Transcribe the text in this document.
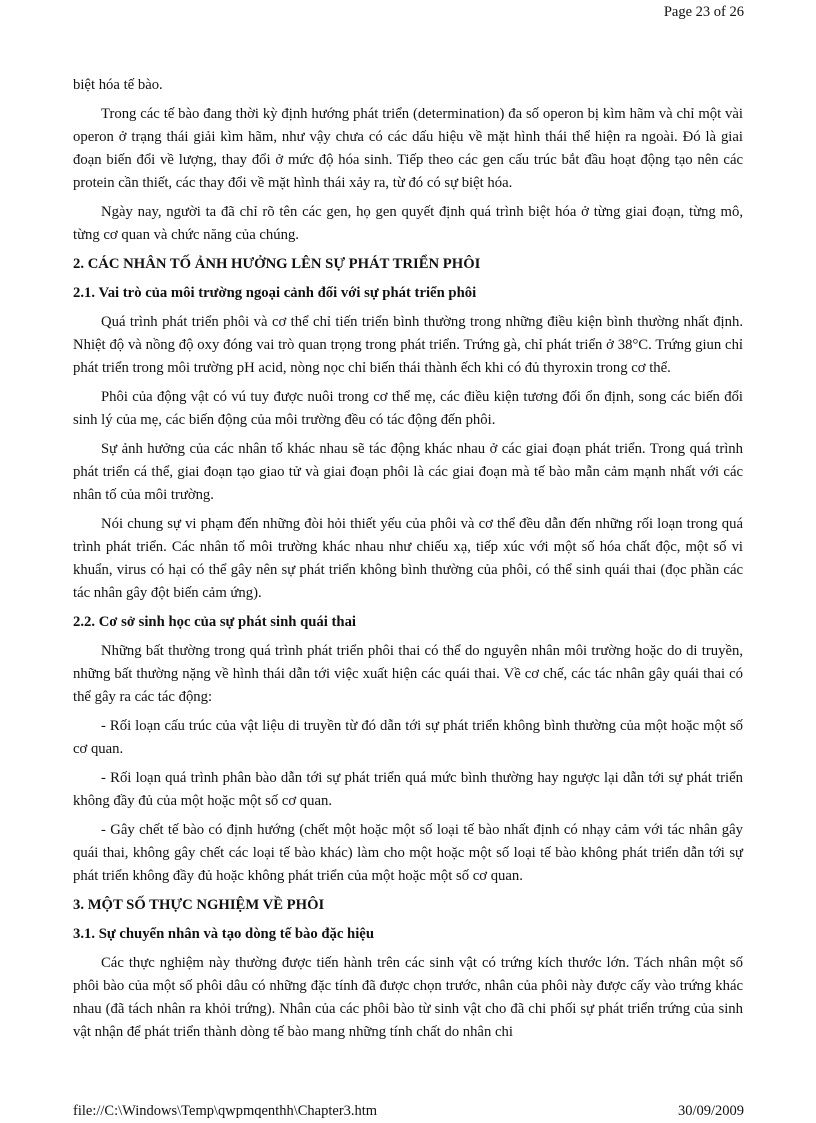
Page 23 of 26

biệt hóa tế bào.

Trong các tế bào đang thời kỳ định hướng phát triển (determination) đa số operon bị kìm hãm và chỉ một vài operon ở trạng thái giải kìm hãm, như vậy chưa có các dấu hiệu về mặt hình thái thể hiện ra ngoài. Đó là giai đoạn biến đổi về lượng, thay đổi ở mức độ hóa sinh. Tiếp theo các gen cấu trúc bắt đầu hoạt động tạo nên các protein cần thiết, các thay đổi về mặt hình thái xảy ra, từ đó có sự biệt hóa.

Ngày nay, người ta đã chỉ rõ tên các gen, họ gen quyết định quá trình biệt hóa ở từng giai đoạn, từng mô, từng cơ quan và chức năng của chúng.

2. CÁC NHÂN TỐ ẢNH HƯỞNG LÊN SỰ PHÁT TRIỂN PHÔI
2.1. Vai trò của môi trường ngoại cảnh đối với sự phát triển phôi

Quá trình phát triển phôi và cơ thể chỉ tiến triển bình thường trong những điều kiện bình thường nhất định. Nhiệt độ và nồng độ oxy đóng vai trò quan trọng trong phát triển. Trứng gà, chỉ phát triển ở 38°C. Trứng giun chỉ phát triển trong môi trường pH acid, nòng nọc chỉ biến thái thành ếch khi có đủ thyroxin trong cơ thể.

Phôi của động vật có vú tuy được nuôi trong cơ thể mẹ, các điều kiện tương đối ổn định, song các biến đổi sinh lý của mẹ, các biến động của môi trường đều có tác động đến phôi.

Sự ảnh hưởng của các nhân tố khác nhau sẽ tác động khác nhau ở các giai đoạn phát triển. Trong quá trình phát triển cá thể, giai đoạn tạo giao tử và giai đoạn phôi là các giai đoạn mà tế bào mẫn cảm mạnh nhất với các nhân tố của môi trường.

Nói chung sự vi phạm đến những đòi hỏi thiết yếu của phôi và cơ thể đều dẫn đến những rối loạn trong quá trình phát triển. Các nhân tố môi trường khác nhau như chiếu xạ, tiếp xúc với một số hóa chất độc, một số vi khuẩn, virus có hại có thể gây nên sự phát triển không bình thường của phôi, có thể sinh quái thai (đọc phần các tác nhân gây đột biến cảm ứng).

2.2. Cơ sở sinh học của sự phát sinh quái thai

Những bất thường trong quá trình phát triển phôi thai có thể do nguyên nhân môi trường hoặc do di truyền, những bất thường nặng về hình thái dẫn tới việc xuất hiện các quái thai. Về cơ chế, các tác nhân gây quái thai có thể gây ra các tác động:

- Rối loạn cấu trúc của vật liệu di truyền từ đó dẫn tới sự phát triển không bình thường của một hoặc một số cơ quan.

- Rối loạn quá trình phân bào dẫn tới sự phát triển quá mức bình thường hay ngược lại dẫn tới sự phát triển không đầy đủ của một hoặc một số cơ quan.

- Gây chết tế bào có định hướng (chết một hoặc một số loại tế bào nhất định có nhạy cảm với tác nhân gây quái thai, không gây chết các loại tế bào khác) làm cho một hoặc một số loại tế bào không phát triển dẫn tới sự phát triển không đầy đủ hoặc không phát triển của một hoặc một số cơ quan.

3. MỘT SỐ THỰC NGHIỆM VỀ PHÔI
3.1. Sự chuyển nhân và tạo dòng tế bào đặc hiệu

Các thực nghiệm này thường được tiến hành trên các sinh vật có trứng kích thước lớn. Tách nhân một số phôi bào của một số phôi dâu có những đặc tính đã được chọn trước, nhân của phôi này được cấy vào trứng khác nhau (đã tách nhân ra khỏi trứng). Nhân của các phôi bào từ sinh vật cho đã chi phối sự phát triển trứng của sinh vật nhận để phát triển thành dòng tế bào mang những tính chất do nhân chi

file://C:\Windows\Temp\qwpmqenthh\Chapter3.htm	30/09/2009
